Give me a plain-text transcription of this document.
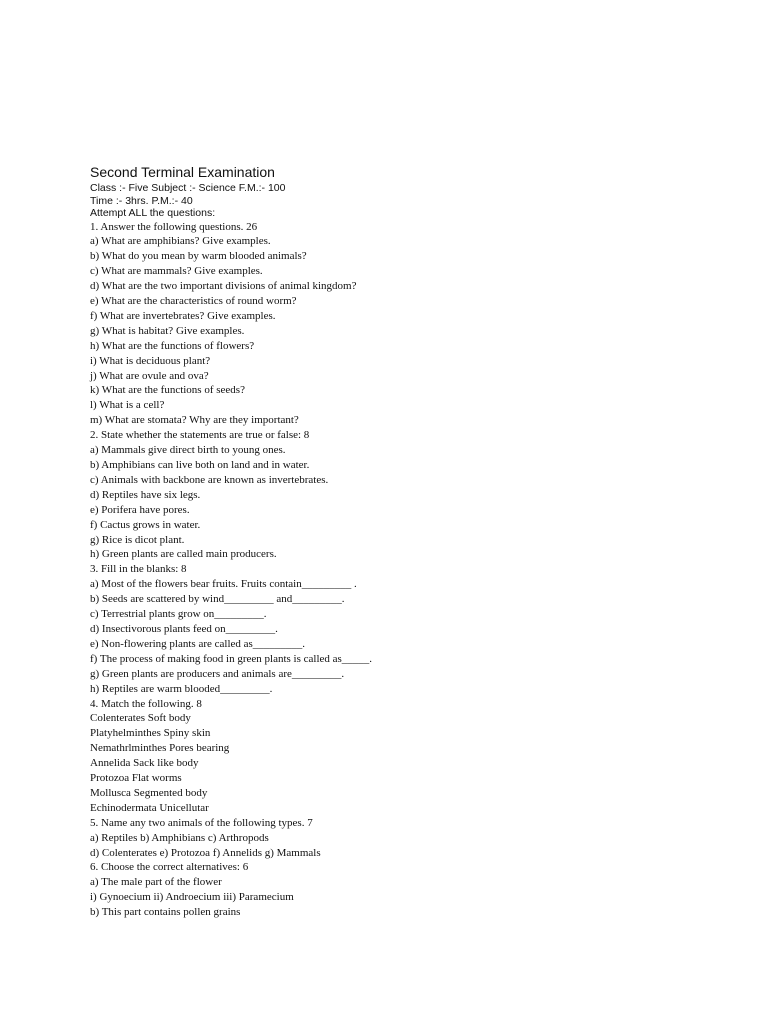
Second Terminal Examination
Class :- Five Subject :- Science F.M.:- 100
Time :- 3hrs. P.M.:- 40
Attempt ALL the questions:
1. Answer the following questions. 26
a) What are amphibians? Give examples.
b) What do you mean by warm blooded animals?
c) What are mammals? Give examples.
d) What are the two important divisions of animal kingdom?
e) What are the characteristics of round worm?
f) What are invertebrates? Give examples.
g) What is habitat? Give examples.
h) What are the functions of flowers?
i) What is deciduous plant?
j) What are ovule and ova?
k) What are the functions of seeds?
l) What is a cell?
m) What are stomata? Why are they important?
2. State whether the statements are true or false: 8
a) Mammals give direct birth to young ones.
b) Amphibians can live both on land and in water.
c) Animals with backbone are known as invertebrates.
d) Reptiles have six legs.
e) Porifera have pores.
f) Cactus grows in water.
g) Rice is dicot plant.
h) Green plants are called main producers.
3. Fill in the blanks: 8
a) Most of the flowers bear fruits. Fruits contain_________ .
b) Seeds are scattered by wind_________ and_________.
c) Terrestrial plants grow on_________.
d) Insectivorous plants feed on_________.
e) Non-flowering plants are called as_________.
f) The process of making food in green plants is called as_____.
g) Green plants are producers and animals are_________.
h) Reptiles are warm blooded_________.
4. Match the following. 8
Colenterates Soft body
Platyhelminthes Spiny skin
Nemathrlminthes Pores bearing
Annelida Sack like body
Protozoa Flat worms
Mollusca Segmented body
Echinodermata Unicellutar
5. Name any two animals of the following types. 7
a) Reptiles b) Amphibians c) Arthropods
d) Colenterates e) Protozoa f) Annelids g) Mammals
6. Choose the correct alternatives: 6
a) The male part of the flower
i) Gynoecium ii) Androecium iii) Paramecium
b) This part contains pollen grains
